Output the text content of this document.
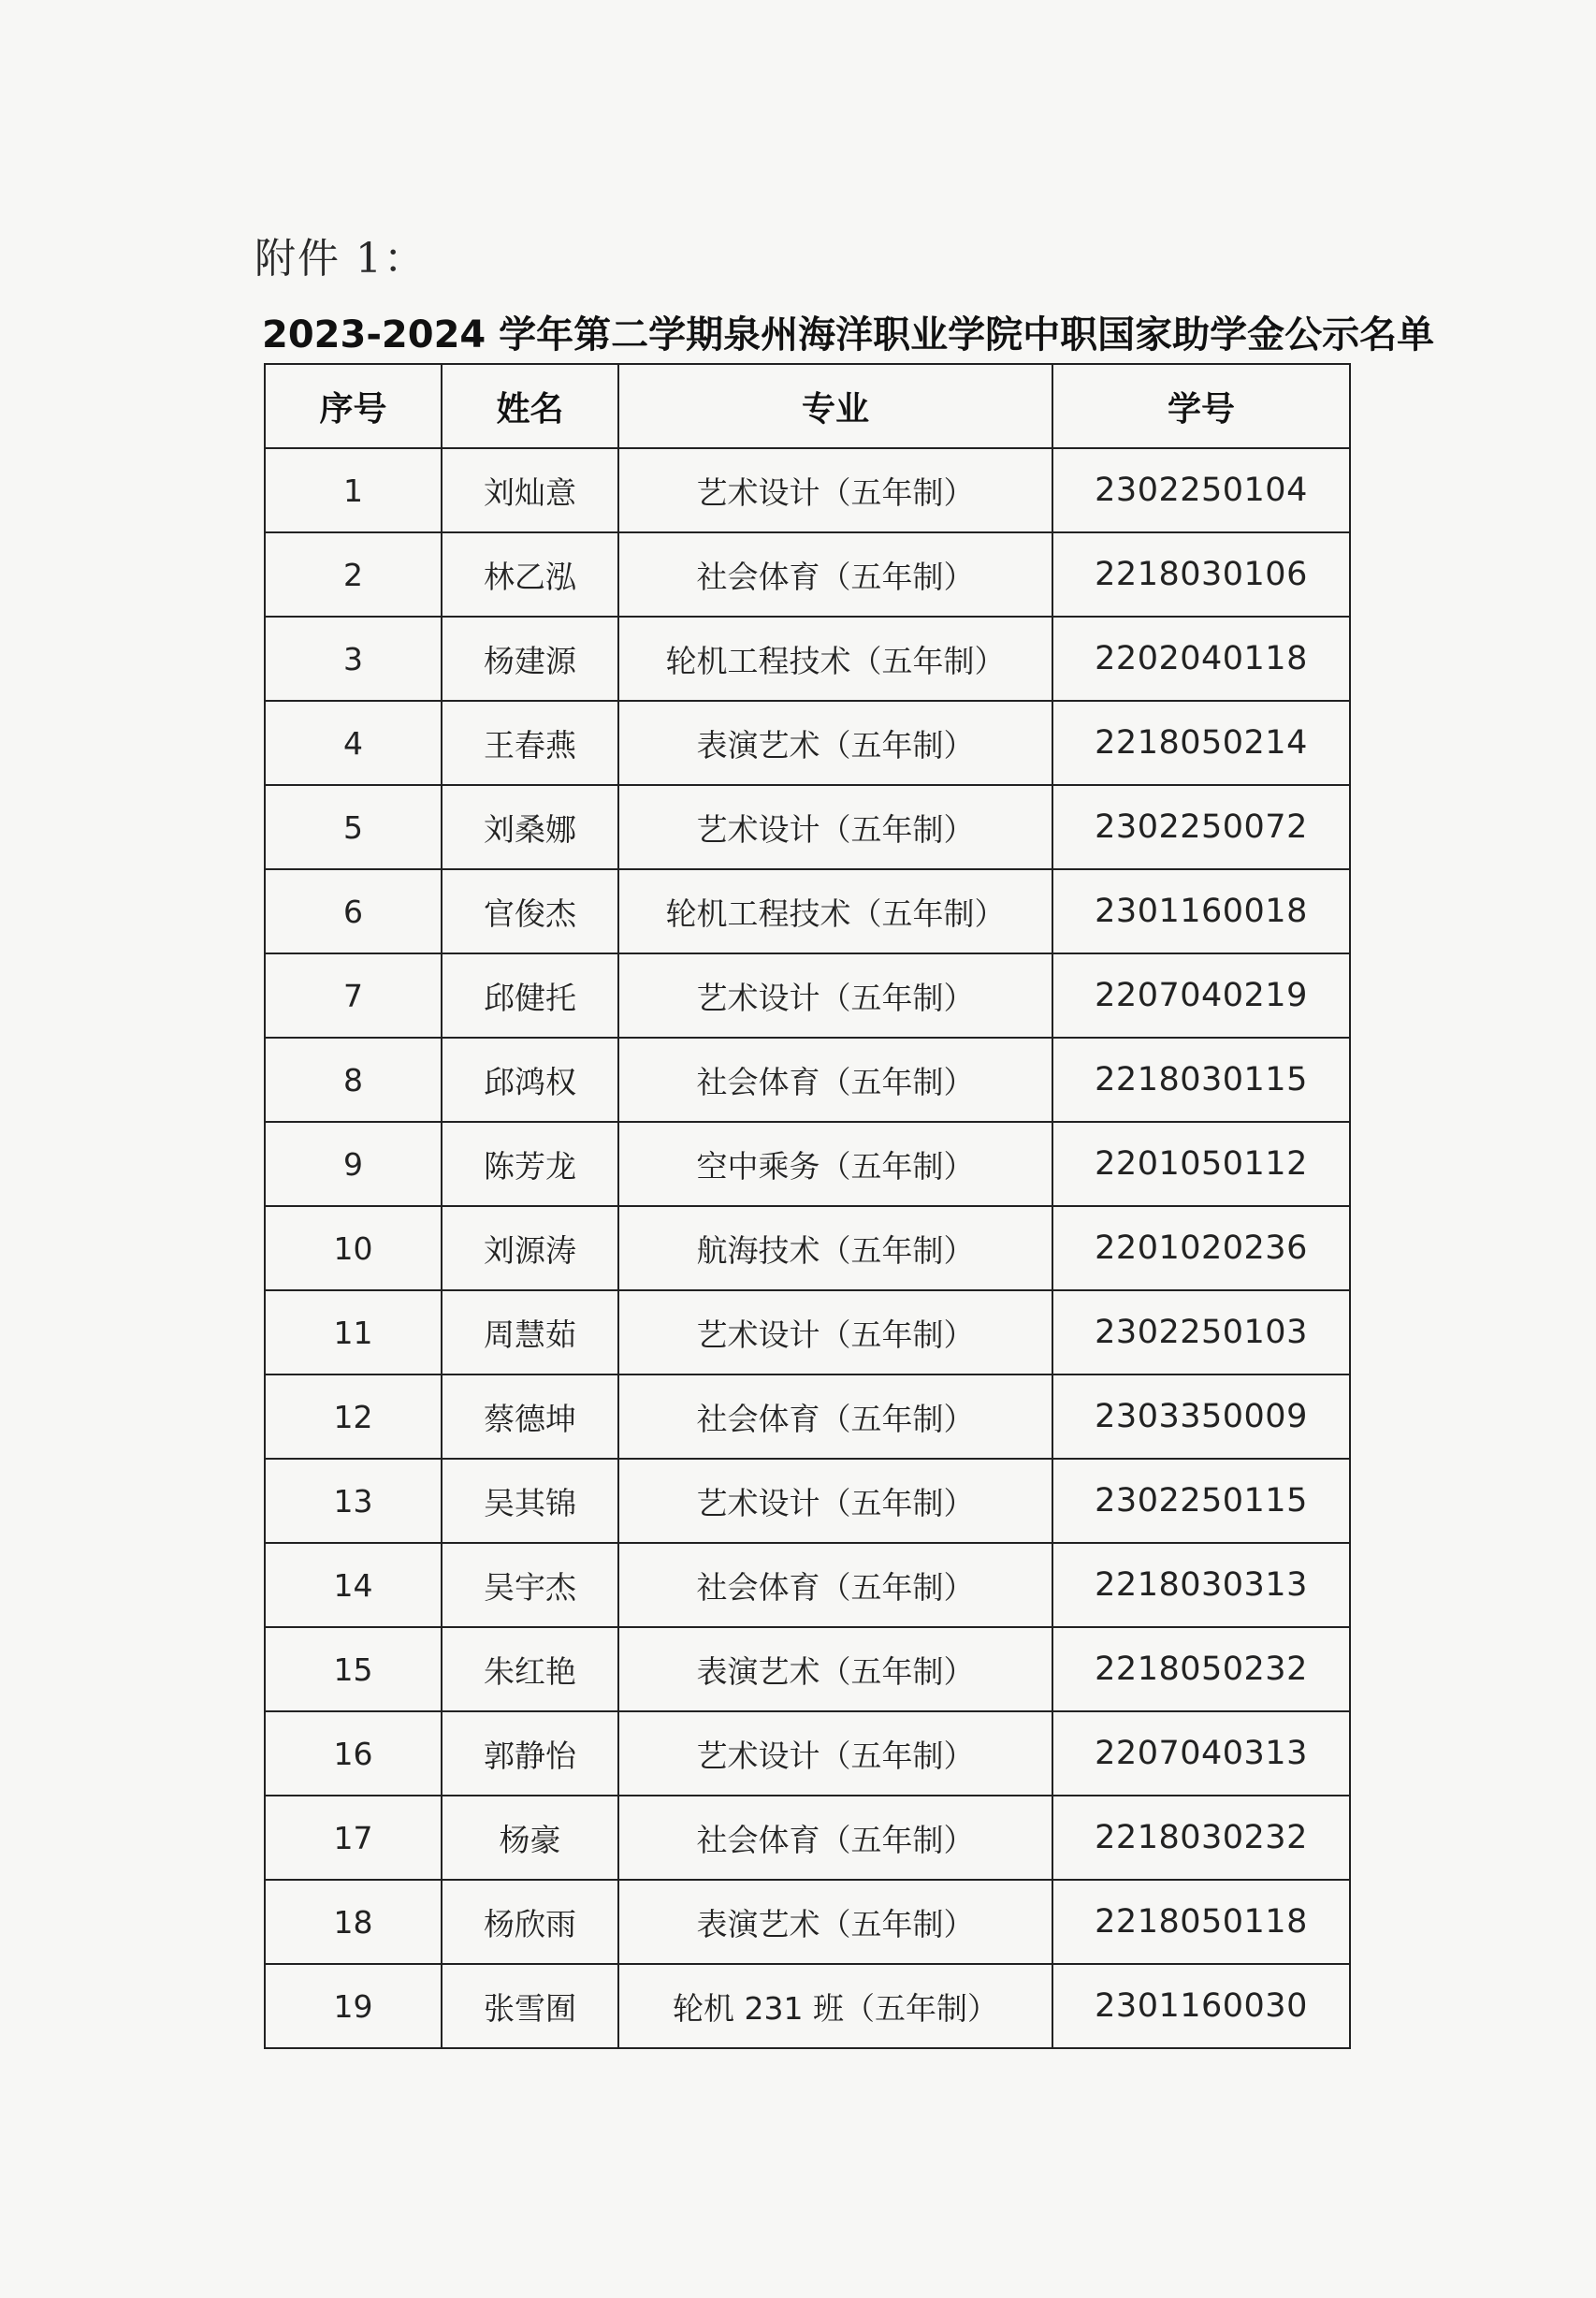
附件 1：
2023-2024 学年第二学期泉州海洋职业学院中职国家助学金公示名单
序号	姓名	专业	学号
1	刘灿意	艺术设计（五年制）	2302250104
2	林乙泓	社会体育（五年制）	2218030106
3	杨建源	轮机工程技术（五年制）	2202040118
4	王春燕	表演艺术（五年制）	2218050214
5	刘桑娜	艺术设计（五年制）	2302250072
6	官俊杰	轮机工程技术（五年制）	2301160018
7	邱健托	艺术设计（五年制）	2207040219
8	邱鸿权	社会体育（五年制）	2218030115
9	陈芳龙	空中乘务（五年制）	2201050112
10	刘源涛	航海技术（五年制）	2201020236
11	周慧茹	艺术设计（五年制）	2302250103
12	蔡德坤	社会体育（五年制）	2303350009
13	吴其锦	艺术设计（五年制）	2302250115
14	吴宇杰	社会体育（五年制）	2218030313
15	朱红艳	表演艺术（五年制）	2218050232
16	郭静怡	艺术设计（五年制）	2207040313
17	杨豪	社会体育（五年制）	2218030232
18	杨欣雨	表演艺术（五年制）	2218050118
19	张雪囿	轮机 231 班（五年制）	2301160030
